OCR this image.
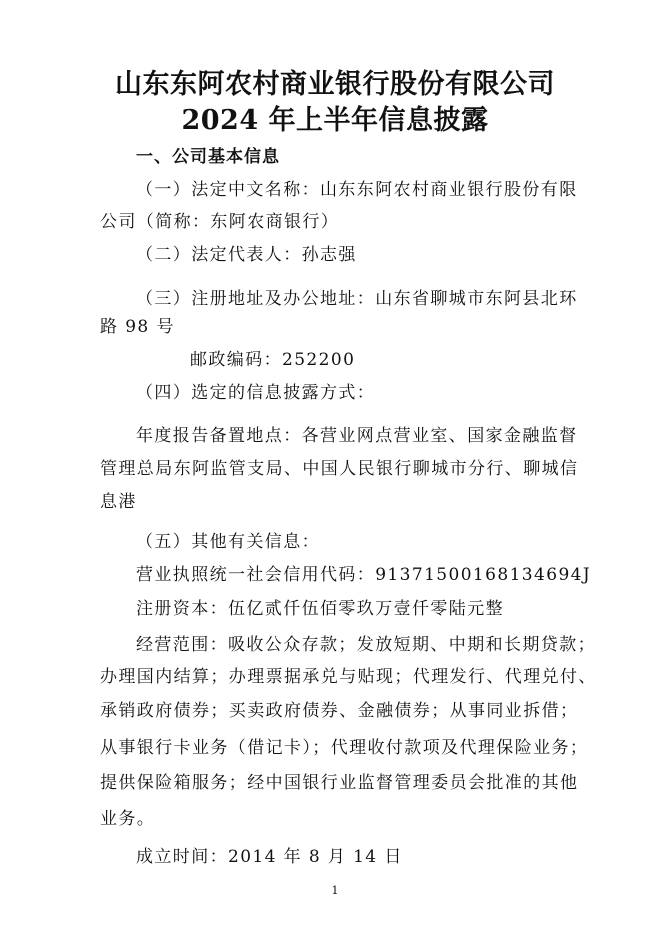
山东东阿农村商业银行股份有限公司
2024 年上半年信息披露
一、公司基本信息
（一）法定中文名称：山东东阿农村商业银行股份有限
公司（简称：东阿农商银行）
（二）法定代表人：孙志强
（三）注册地址及办公地址：山东省聊城市东阿县北环
路 98 号
邮政编码：252200
（四）选定的信息披露方式：
年度报告备置地点：各营业网点营业室、国家金融监督
管理总局东阿监管支局、中国人民银行聊城市分行、聊城信
息港
（五）其他有关信息：
营业执照统一社会信用代码：91371500168134694J
注册资本：伍亿贰仟伍佰零玖万壹仟零陆元整
经营范围：吸收公众存款；发放短期、中期和长期贷款；
办理国内结算；办理票据承兑与贴现；代理发行、代理兑付、
承销政府债券；买卖政府债券、金融债券；从事同业拆借；
从事银行卡业务（借记卡）；代理收付款项及代理保险业务；
提供保险箱服务；经中国银行业监督管理委员会批准的其他
业务。
成立时间：2014 年 8 月 14 日
1
